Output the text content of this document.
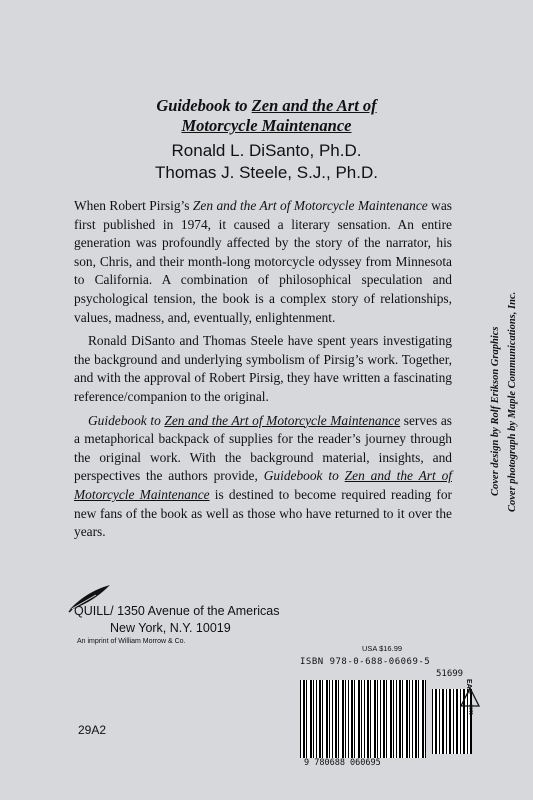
Guidebook to Zen and the Art of
Motorcycle Maintenance
Ronald L. DiSanto, Ph.D.
Thomas J. Steele, S.J., Ph.D.

When Robert Pirsig’s Zen and the Art of Motorcycle Maintenance was first published in 1974, it caused a literary sensation. An entire generation was profoundly affected by the story of the narrator, his son, Chris, and their month-long motorcycle odyssey from Minnesota to California. A combination of philosophical speculation and psychological tension, the book is a complex story of relationships, values, madness, and, eventually, enlightenment.

Ronald DiSanto and Thomas Steele have spent years investigating the background and underlying symbolism of Pirsig’s work. Together, and with the approval of Robert Pirsig, they have written a fascinating reference/companion to the original.

Guidebook to Zen and the Art of Motorcycle Maintenance serves as a metaphorical backpack of supplies for the reader’s journey through the original work. With the background material, insights, and perspectives the authors provide, Guidebook to Zen and the Art of Motorcycle Maintenance is destined to become required reading for new fans of the book as well as those who have returned to it over the years.

Cover design by Rolf Erikson Graphics Cover photograph by Maple Communications, Inc.
QUILL/ 1350 Avenue of the Americas
New York, N.Y. 10019
An imprint of William Morrow & Co.
29A2
USA $16.99
ISBN 978-0-688-06069-5
51699
9 780688 060695
EAN
1190
